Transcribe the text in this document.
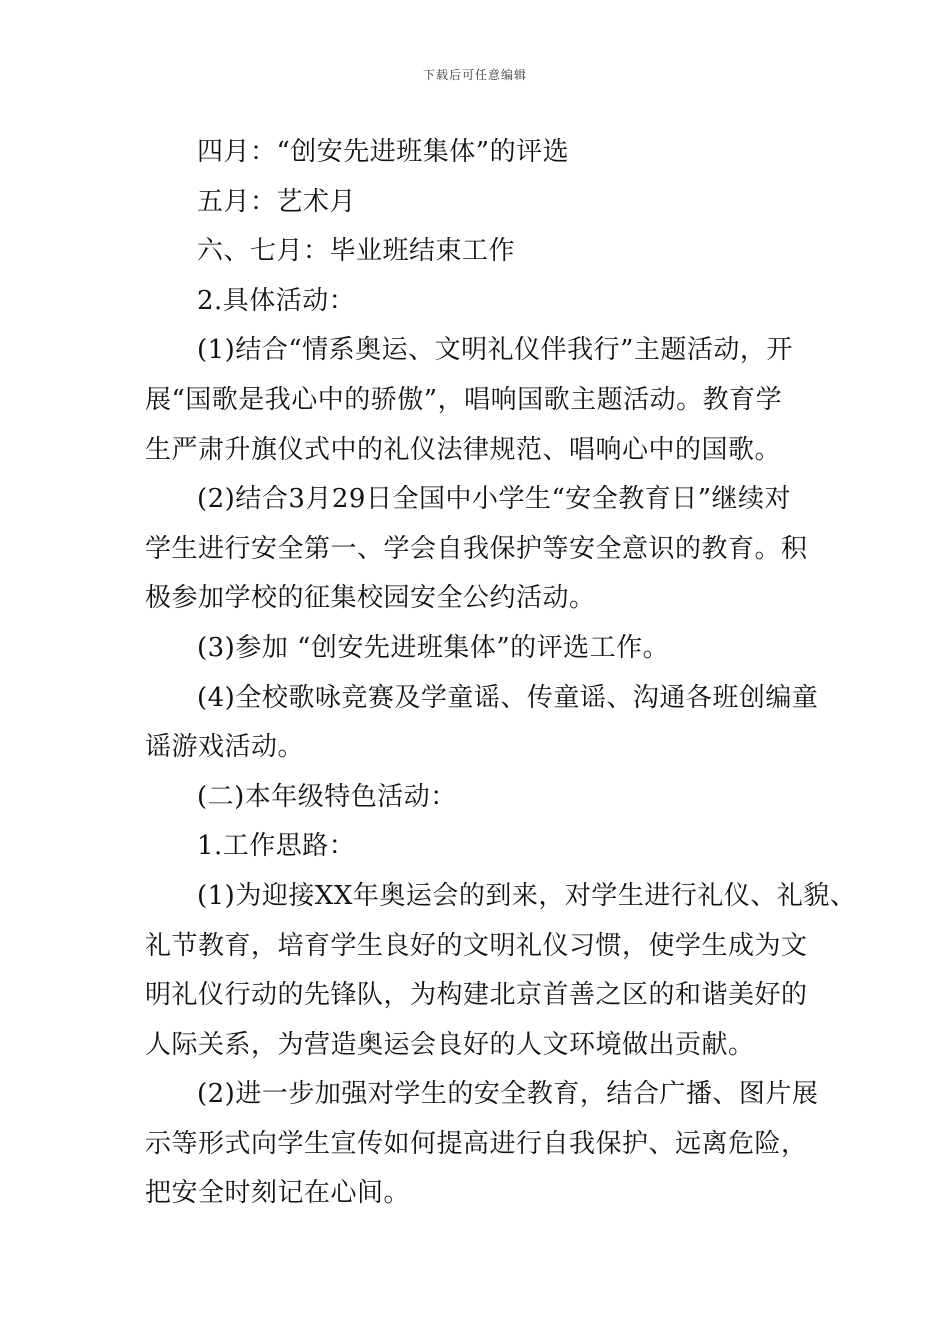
下载后可任意编辑
四月：“创安先进班集体”的评选
五月：艺术月
六、七月：毕业班结束工作
2.具体活动：
(1)结合“情系奥运、文明礼仪伴我行”主题活动，开
展“国歌是我心中的骄傲”，唱响国歌主题活动。教育学
生严肃升旗仪式中的礼仪法律规范、唱响心中的国歌。
(2)结合3月29日全国中小学生“安全教育日”继续对
学生进行安全第一、学会自我保护等安全意识的教育。积
极参加学校的征集校园安全公约活动。
(3)参加 “创安先进班集体”的评选工作。
(4)全校歌咏竞赛及学童谣、传童谣、沟通各班创编童
谣游戏活动。
(二)本年级特色活动：
1.工作思路：
(1)为迎接XX年奥运会的到来，对学生进行礼仪、礼貌、
礼节教育，培育学生良好的文明礼仪习惯，使学生成为文
明礼仪行动的先锋队，为构建北京首善之区的和谐美好的
人际关系，为营造奥运会良好的人文环境做出贡献。
(2)进一步加强对学生的安全教育，结合广播、图片展
示等形式向学生宣传如何提高进行自我保护、远离危险，
把安全时刻记在心间。
